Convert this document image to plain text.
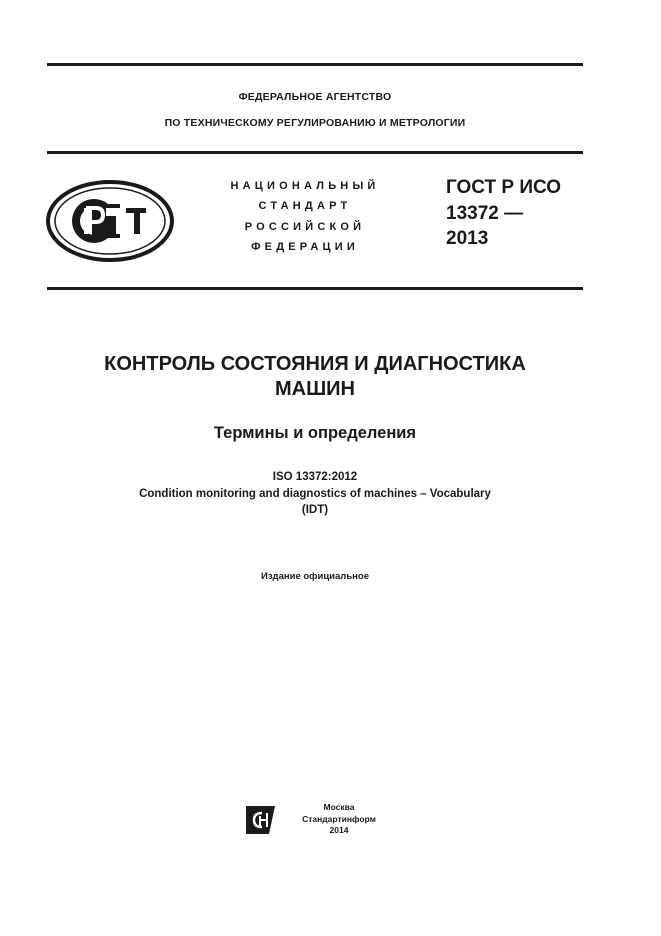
ФЕДЕРАЛЬНОЕ АГЕНТСТВО
ПО ТЕХНИЧЕСКОМУ РЕГУЛИРОВАНИЮ И МЕТРОЛОГИИ
НАЦИОНАЛЬНЫЙ
СТАНДАРТ
РОССИЙСКОЙ
ФЕДЕРАЦИИ
ГОСТ Р ИСО
13372 —
2013
КОНТРОЛЬ СОСТОЯНИЯ И ДИАГНОСТИКА
МАШИН
Термины и определения
ISO 13372:2012
Condition monitoring and diagnostics of machines – Vocabulary
(IDT)
Издание официальное
Москва
Стандартинформ
2014
